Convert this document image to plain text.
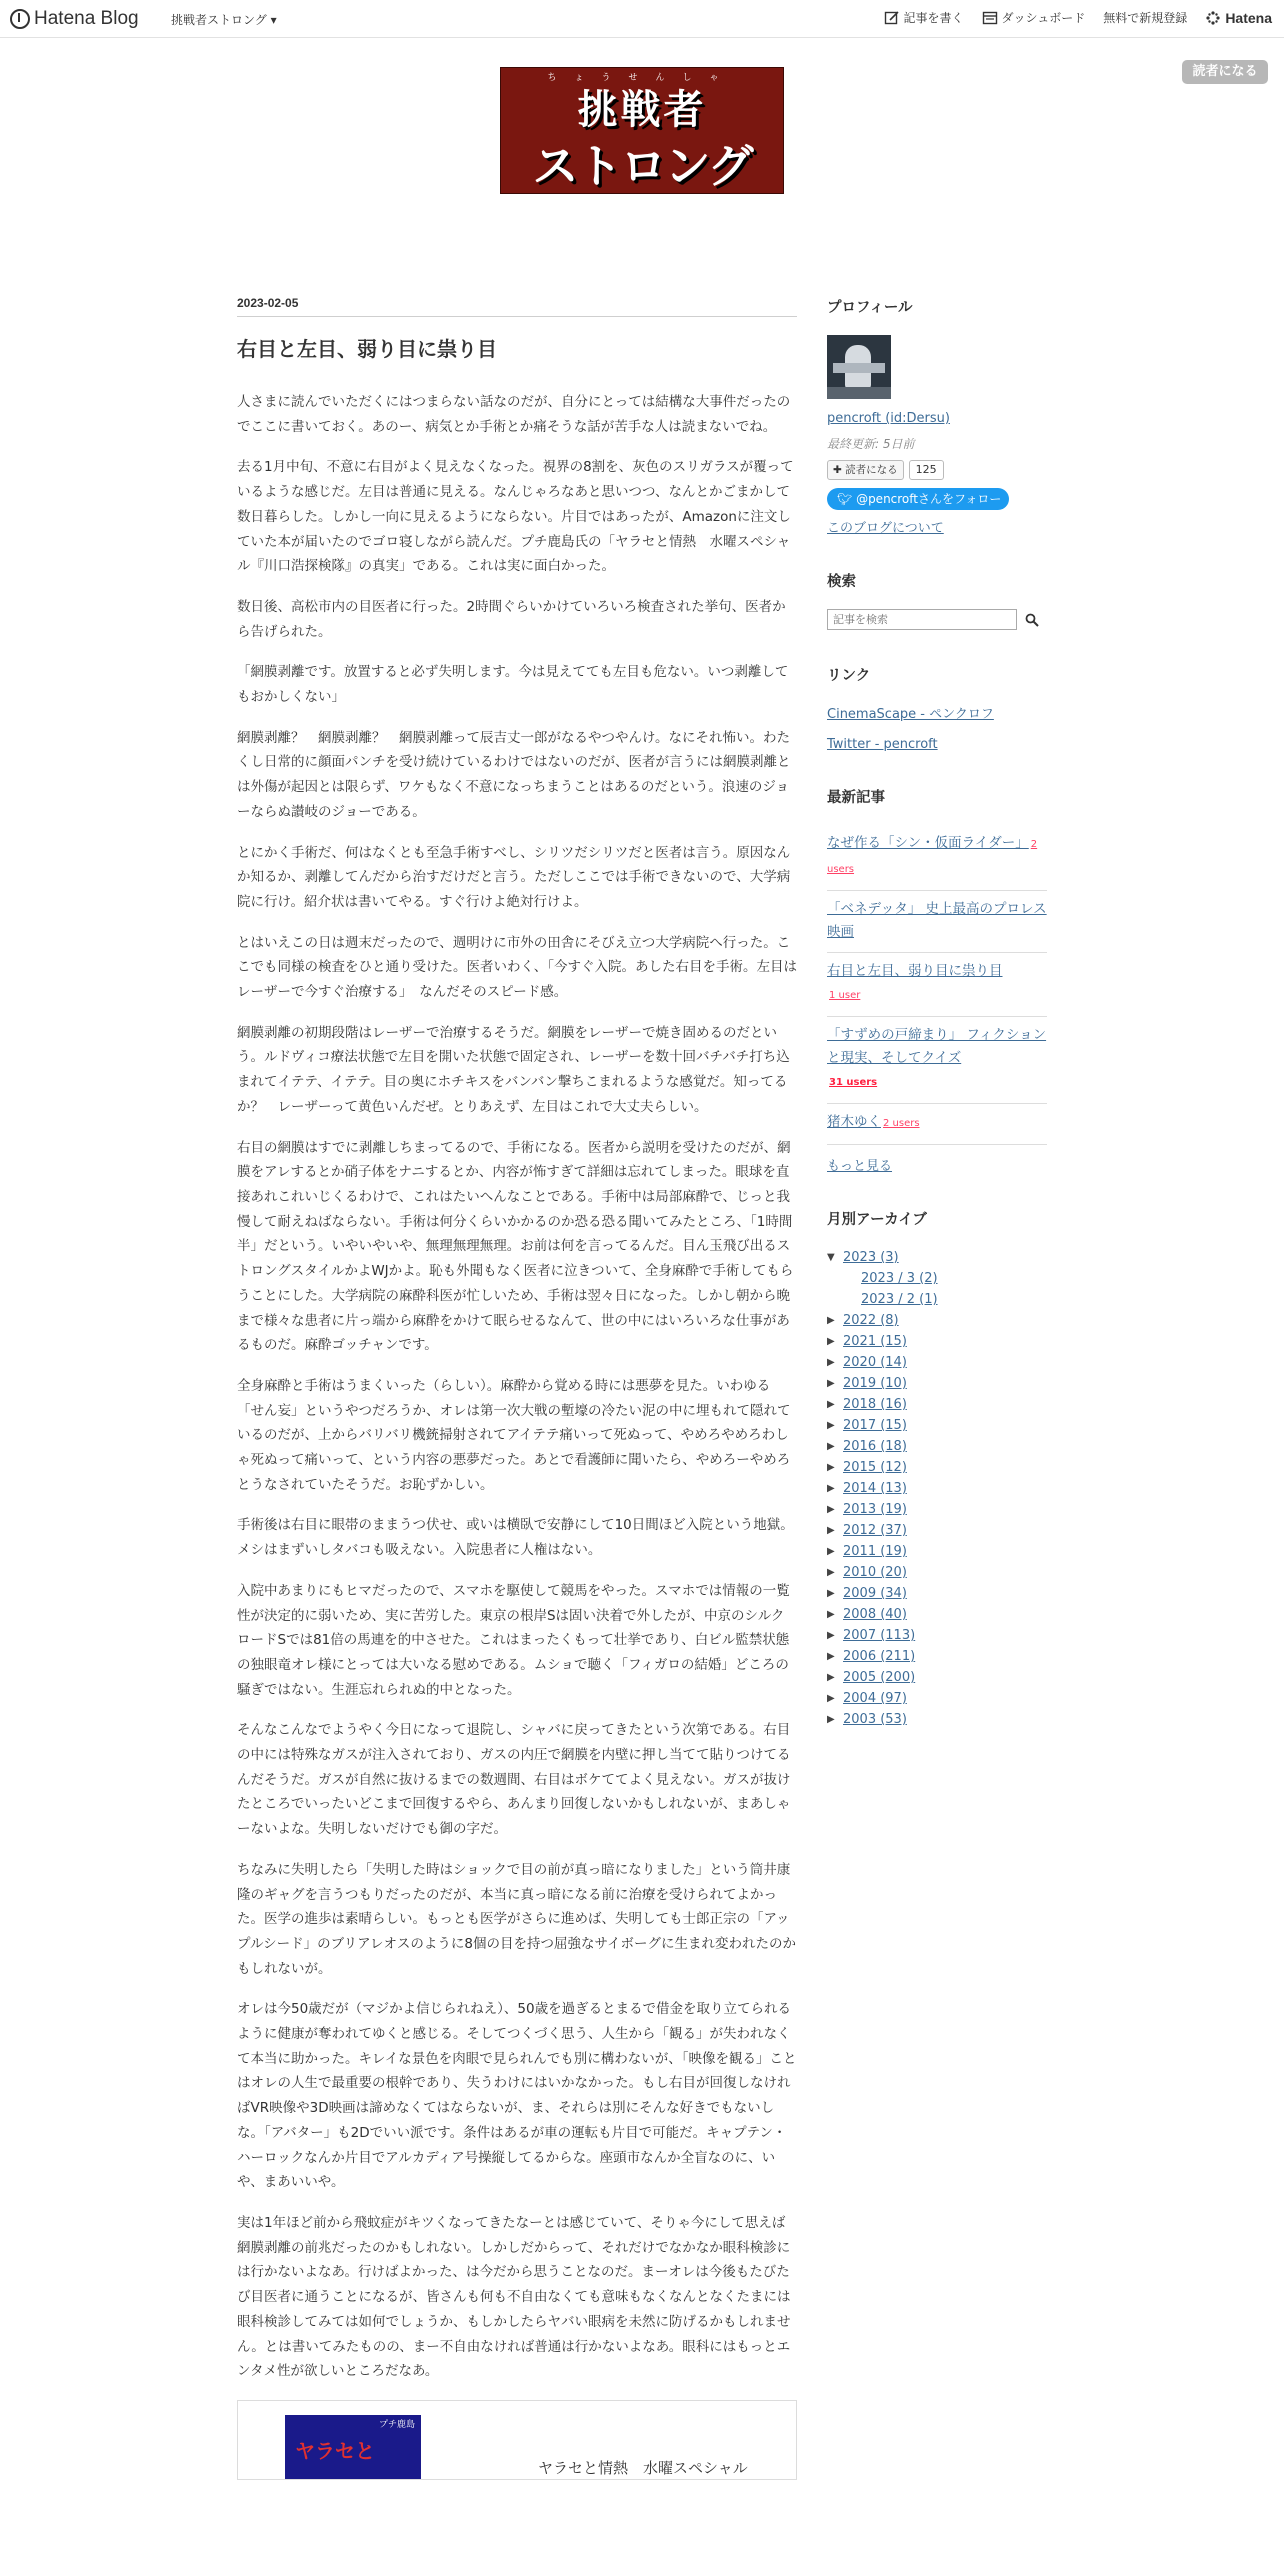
Hatena Blog	挑戦者ストロング ▾	記事を書く	ダッシュボード 無料で新規登録	Hatena
読者になる
ちょうせんしゃ
挑戦者
ストロング
2023-02-05
右目と左目、弱り目に祟り目

人さまに読んでいただくにはつまらない話なのだが、自分にとっては結構な大事件だったのでここに書いておく。あのー、病気とか手術とか痛そうな話が苦手な人は読まないでね。

去る1月中旬、不意に右目がよく見えなくなった。視界の8割を、灰色のスリガラスが覆っているような感じだ。左目は普通に見える。なんじゃろなあと思いつつ、なんとかごまかして数日暮らした。しかし一向に見えるようにならない。片目ではあったが、Amazonに注文していた本が届いたのでゴロ寝しながら読んだ。プチ鹿島氏の「ヤラセと情熱　水曜スペシャル『川口浩探検隊』の真実」である。これは実に面白かった。

数日後、高松市内の目医者に行った。2時間ぐらいかけていろいろ検査された挙句、医者から告げられた。

「網膜剥離です。放置すると必ず失明します。今は見えてても左目も危ない。いつ剥離してもおかしくない」

網膜剥離？　網膜剥離？　網膜剥離って辰吉丈一郎がなるやつやんけ。なにそれ怖い。わたくし日常的に顔面パンチを受け続けているわけではないのだが、医者が言うには網膜剥離とは外傷が起因とは限らず、ワケもなく不意になっちまうことはあるのだという。浪速のジョーならぬ讃岐のジョーである。

とにかく手術だ、何はなくとも至急手術すべし、シリツだシリツだと医者は言う。原因なんか知るか、剥離してんだから治すだけだと言う。ただしここでは手術できないので、大学病院に行け。紹介状は書いてやる。すぐ行けよ絶対行けよ。

とはいえこの日は週末だったので、週明けに市外の田舎にそびえ立つ大学病院へ行った。ここでも同様の検査をひと通り受けた。医者いわく、「今すぐ入院。あした右目を手術。左目はレーザーで今すぐ治療する」　なんだそのスピード感。

網膜剥離の初期段階はレーザーで治療するそうだ。網膜をレーザーで焼き固めるのだという。ルドヴィコ療法状態で左目を開いた状態で固定され、レーザーを数十回バチバチ打ち込まれてイテテ、イテテ。目の奥にホチキスをバンバン撃ちこまれるような感覚だ。知ってるか？　レーザーって黄色いんだぜ。とりあえず、左目はこれで大丈夫らしい。

右目の網膜はすでに剥離しちまってるので、手術になる。医者から説明を受けたのだが、網膜をアレするとか硝子体をナニするとか、内容が怖すぎて詳細は忘れてしまった。眼球を直接あれこれいじくるわけで、これはたいへんなことである。手術中は局部麻酔で、じっと我慢して耐えねばならない。手術は何分くらいかかるのか恐る恐る聞いてみたところ、「1時間半」だという。いやいやいや、無理無理無理。お前は何を言ってるんだ。目ん玉飛び出るストロングスタイルかよWJかよ。恥も外聞もなく医者に泣きついて、全身麻酔で手術してもらうことにした。大学病院の麻酔科医が忙しいため、手術は翌々日になった。しかし朝から晩まで様々な患者に片っ端から麻酔をかけて眠らせるなんて、世の中にはいろいろな仕事があるものだ。麻酔ゴッチャンです。

全身麻酔と手術はうまくいった（らしい）。麻酔から覚める時には悪夢を見た。いわゆる「せん妄」というやつだろうか、オレは第一次大戦の塹壕の冷たい泥の中に埋もれて隠れているのだが、上からバリバリ機銃掃射されてアイテテ痛いって死ぬって、やめろやめろわしゃ死ぬって痛いって、という内容の悪夢だった。あとで看護師に聞いたら、やめろーやめろとうなされていたそうだ。お恥ずかしい。

手術後は右目に眼帯のままうつ伏せ、或いは横臥で安静にして10日間ほど入院という地獄。メシはまずいしタバコも吸えない。入院患者に人権はない。

入院中あまりにもヒマだったので、スマホを駆使して競馬をやった。スマホでは情報の一覧性が決定的に弱いため、実に苦労した。東京の根岸Sは固い決着で外したが、中京のシルクロードSでは81倍の馬連を的中させた。これはまったくもって壮挙であり、白ビル監禁状態の独眼竜オレ様にとっては大いなる慰めである。ムショで聴く「フィガロの結婚」どころの騒ぎではない。生涯忘れられぬ的中となった。

そんなこんなでようやく今日になって退院し、シャバに戻ってきたという次第である。右目の中には特殊なガスが注入されており、ガスの内圧で網膜を内壁に押し当てて貼りつけてるんだそうだ。ガスが自然に抜けるまでの数週間、右目はボケててよく見えない。ガスが抜けたところでいったいどこまで回復するやら、あんまり回復しないかもしれないが、まあしゃーないよな。失明しないだけでも御の字だ。

ちなみに失明したら「失明した時はショックで目の前が真っ暗になりました」という筒井康隆のギャグを言うつもりだったのだが、本当に真っ暗になる前に治療を受けられてよかった。医学の進歩は素晴らしい。もっとも医学がさらに進めば、失明しても士郎正宗の「アップルシード」のブリアレオスのように8個の目を持つ屈強なサイボーグに生まれ変われたのかもしれないが。

オレは今50歳だが（マジかよ信じられねえ）、50歳を過ぎるとまるで借金を取り立てられるように健康が奪われてゆくと感じる。そしてつくづく思う、人生から「観る」が失われなくて本当に助かった。キレイな景色を肉眼で見られんでも別に構わないが、「映像を観る」ことはオレの人生で最重要の根幹であり、失うわけにはいかなかった。もし右目が回復しなければVR映像や3D映画は諦めなくてはならないが、ま、それらは別にそんな好きでもないしな。「アバター」も2Dでいい派です。条件はあるが車の運転も片目で可能だ。キャプテン・ハーロックなんか片目でアルカディア号操縦してるからな。座頭市なんか全盲なのに、いや、まあいいや。

実は1年ほど前から飛蚊症がキツくなってきたなーとは感じていて、そりゃ今にして思えば網膜剥離の前兆だったのかもしれない。しかしだからって、それだけでなかなか眼科検診には行かないよなあ。行けばよかった、は今だから思うことなのだ。まーオレは今後もたびたび目医者に通うことになるが、皆さんも何も不自由なくても意味もなくなんとなくたまには眼科検診してみては如何でしょうか、もしかしたらヤバい眼病を未然に防げるかもしれません。とは書いてみたものの、まー不自由なければ普通は行かないよなあ。眼科にはもっとエンタメ性が欲しいところだなあ。

プチ鹿島
ヤラセと
ヤラセと情熱　水曜スペシャル
プロフィール
pencroft (id:Dersu)
最終更新: 5日前
✚ 読者になる	125
🐦︎ @pencroftさんをフォロー
このブログについて
検索
記事を検索
リンク
CinemaScape - ペンクロフ
Twitter - pencroft
最新記事
なぜ作る「シン・仮面ライダー」 2 users
「ベネデッタ」 史上最高のプロレス映画
右目と左目、弱り目に祟り目
1 user
「すずめの戸締まり」 フィクションと現実、そしてクイズ
31 users
猪木ゆく 2 users
もっと見る
月別アーカイブ
▼ 2023 (3)
2023 / 3 (2)
2023 / 2 (1)
▶ 2022 (8)
▶ 2021 (15)
▶ 2020 (14)
▶ 2019 (10)
▶ 2018 (16)
▶ 2017 (15)
▶ 2016 (18)
▶ 2015 (12)
▶ 2014 (13)
▶ 2013 (19)
▶ 2012 (37)
▶ 2011 (19)
▶ 2010 (20)
▶ 2009 (34)
▶ 2008 (40)
▶ 2007 (113)
▶ 2006 (211)
▶ 2005 (200)
▶ 2004 (97)
▶ 2003 (53)
